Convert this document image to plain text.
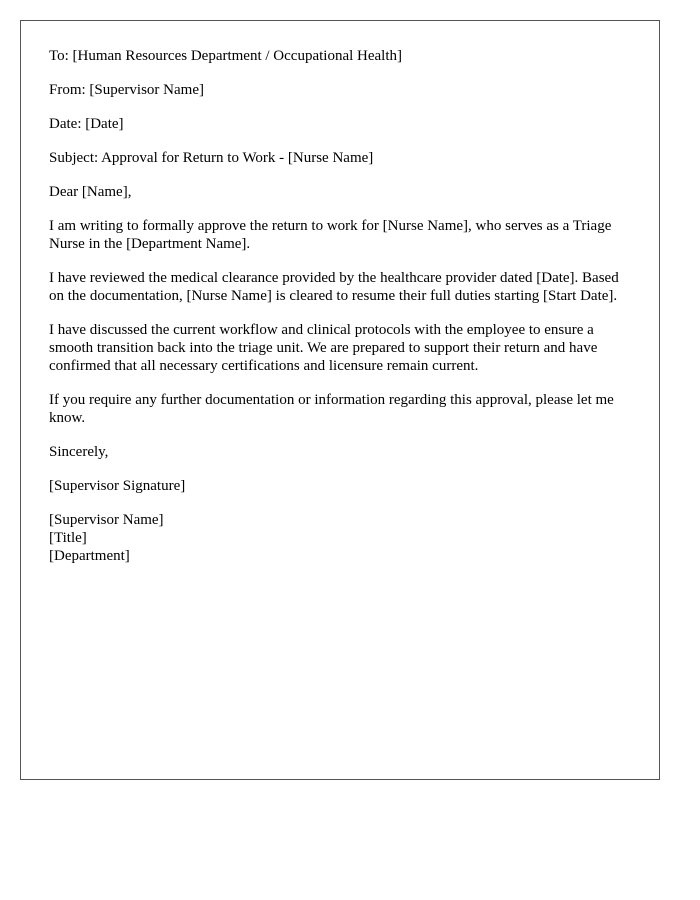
To: [Human Resources Department / Occupational Health]

From: [Supervisor Name]

Date: [Date]

Subject: Approval for Return to Work - [Nurse Name]

Dear [Name],

I am writing to formally approve the return to work for [Nurse Name], who serves as a Triage Nurse in the [Department Name].

I have reviewed the medical clearance provided by the healthcare provider dated [Date]. Based on the documentation, [Nurse Name] is cleared to resume their full duties starting [Start Date].

I have discussed the current workflow and clinical protocols with the employee to ensure a smooth transition back into the triage unit. We are prepared to support their return and have confirmed that all necessary certifications and licensure remain current.

If you require any further documentation or information regarding this approval, please let me know.

Sincerely,

[Supervisor Signature]

[Supervisor Name]

[Title]

[Department]
